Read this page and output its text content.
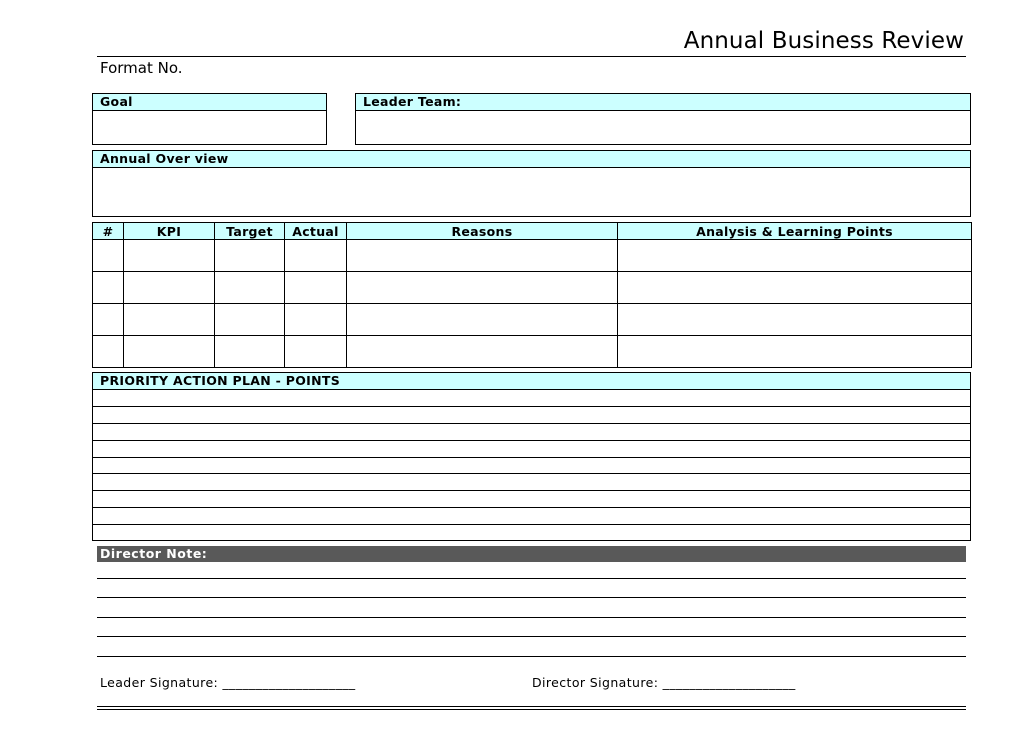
Annual Business Review
Format No.
Goal	Leader Team:
Annual Over view
#	KPI	Target	Actual	Reasons	Analysis & Learning Points

PRIORITY ACTION PLAN - POINTS
Director Note:
Leader Signature: ____________________	Director Signature: ____________________
